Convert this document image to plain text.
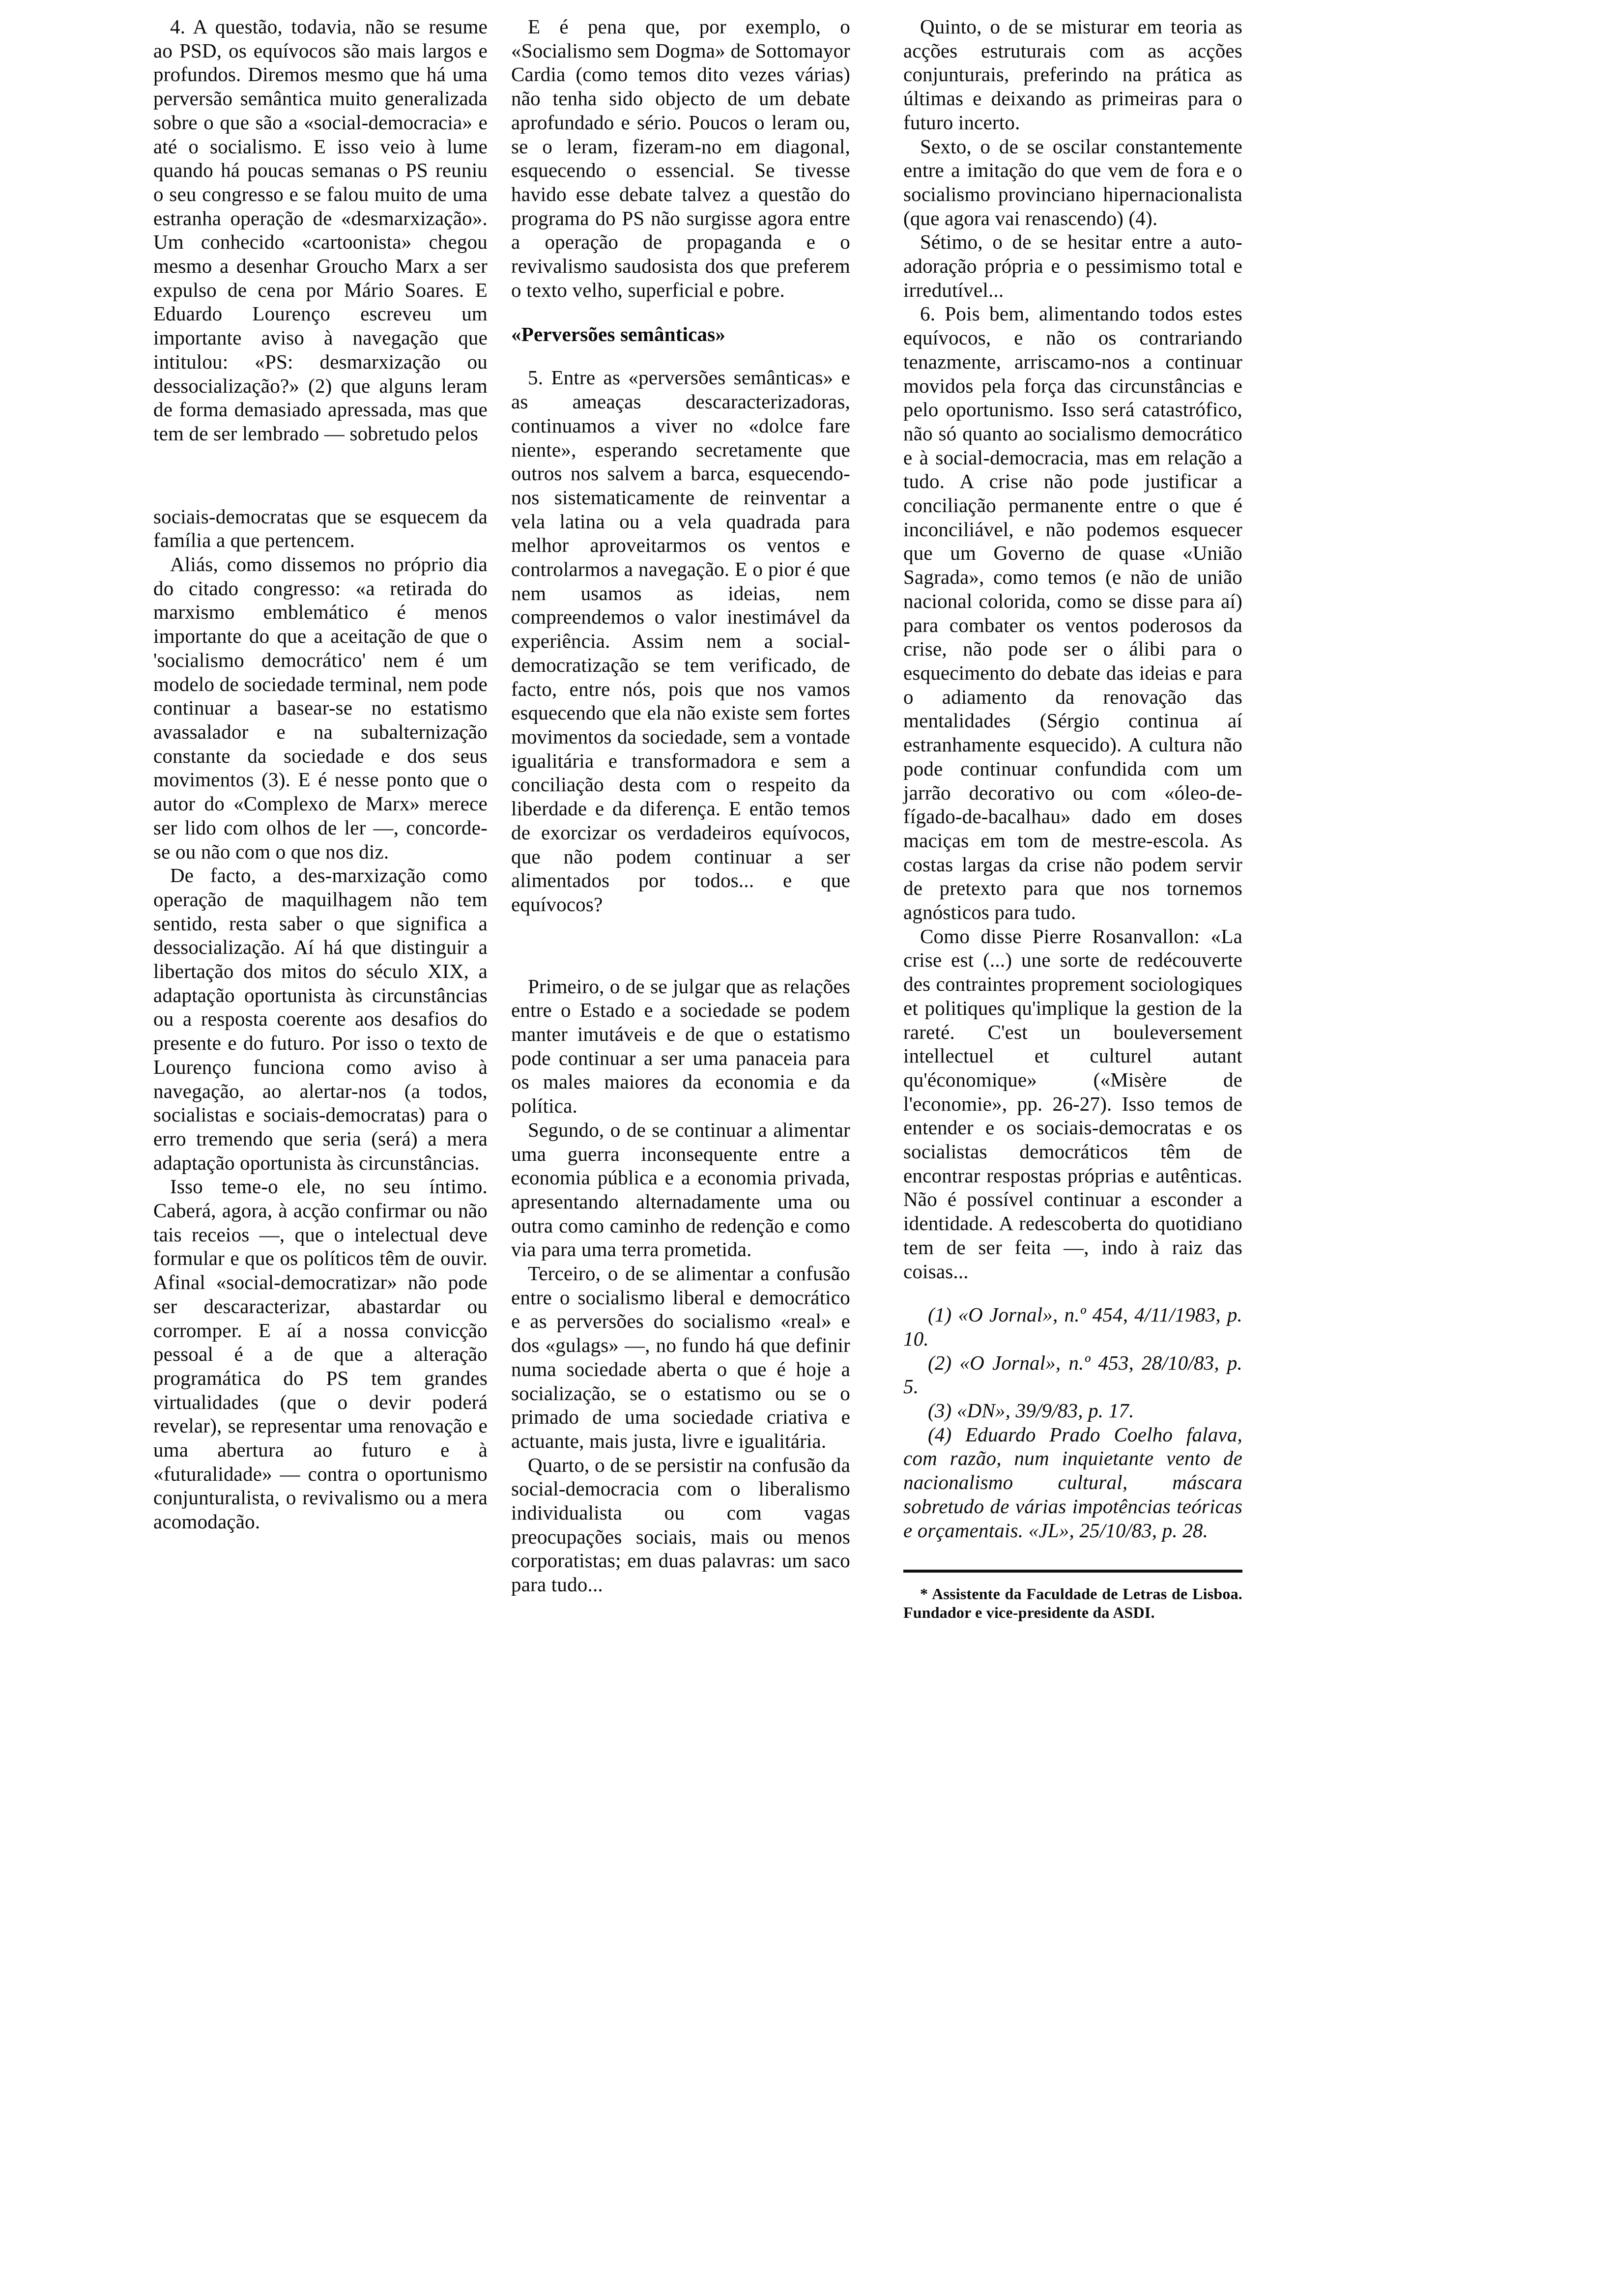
4. A questão, todavia, não se resume ao PSD, os equívocos são mais largos e profundos. Diremos mesmo que há uma perversão semântica muito generalizada sobre o que são a «social-democracia» e até o socialismo. E isso veio à lume quando há poucas semanas o PS reuniu o seu congresso e se falou muito de uma estranha operação de «desmarxização». Um conhecido «cartoonista» chegou mesmo a desenhar Groucho Marx a ser expulso de cena por Mário Soares. E Eduardo Lourenço escreveu um importante aviso à navegação que intitulou: «PS: desmarxização ou dessocialização?» (2) que alguns leram de forma demasiado apressada, mas que tem de ser lembrado — sobretudo pelos

sociais-democratas que se esquecem da família a que pertencem.

Aliás, como dissemos no próprio dia do citado congresso: «a retirada do marxismo emblemático é menos importante do que a aceitação de que o 'socialismo democrático' nem é um modelo de sociedade terminal, nem pode continuar a basear-se no estatismo avassalador e na subalternização constante da sociedade e dos seus movimentos (3). E é nesse ponto que o autor do «Complexo de Marx» merece ser lido com olhos de ler —, concorde-se ou não com o que nos diz.

De facto, a des-marxização como operação de maquilhagem não tem sentido, resta saber o que significa a dessocialização. Aí há que distinguir a libertação dos mitos do século XIX, a adaptação oportunista às circunstâncias ou a resposta coerente aos desafios do presente e do futuro. Por isso o texto de Lourenço funciona como aviso à navegação, ao alertar-nos (a todos, socialistas e sociais-democratas) para o erro tremendo que seria (será) a mera adaptação oportunista às circunstâncias.

Isso teme-o ele, no seu íntimo. Caberá, agora, à acção confirmar ou não tais receios —, que o intelectual deve formular e que os políticos têm de ouvir. Afinal «social-democratizar» não pode ser descaracterizar, abastardar ou corromper. E aí a nossa convicção pessoal é a de que a alteração programática do PS tem grandes virtualidades (que o devir poderá revelar), se representar uma renovação e uma abertura ao futuro e à «futuralidade» — contra o oportunismo conjunturalista, o revivalismo ou a mera acomodação.

E é pena que, por exemplo, o «Socialismo sem Dogma» de Sottomayor Cardia (como temos dito vezes várias) não tenha sido objecto de um debate aprofundado e sério. Poucos o leram ou, se o leram, fizeram-no em diagonal, esquecendo o essencial. Se tivesse havido esse debate talvez a questão do programa do PS não surgisse agora entre a operação de propaganda e o revivalismo saudosista dos que preferem o texto velho, superficial e pobre.

«Perversões semânticas»

5. Entre as «perversões semânticas» e as ameaças descaracterizadoras, continuamos a viver no «dolce fare niente», esperando secretamente que outros nos salvem a barca, esquecendo-nos sistematicamente de reinventar a vela latina ou a vela quadrada para melhor aproveitarmos os ventos e controlarmos a navegação. E o pior é que nem usamos as ideias, nem compreendemos o valor inestimável da experiência. Assim nem a social-democratização se tem verificado, de facto, entre nós, pois que nos vamos esquecendo que ela não existe sem fortes movimentos da sociedade, sem a vontade igualitária e transformadora e sem a conciliação desta com o respeito da liberdade e da diferença. E então temos de exorcizar os verdadeiros equívocos, que não podem continuar a ser alimentados por todos... e que equívocos?

Primeiro, o de se julgar que as relações entre o Estado e a sociedade se podem manter imutáveis e de que o estatismo pode continuar a ser uma panaceia para os males maiores da economia e da política.

Segundo, o de se continuar a alimentar uma guerra inconsequente entre a economia pública e a economia privada, apresentando alternadamente uma ou outra como caminho de redenção e como via para uma terra prometida.

Terceiro, o de se alimentar a confusão entre o socialismo liberal e democrático e as perversões do socialismo «real» e dos «gulags» —, no fundo há que definir numa sociedade aberta o que é hoje a socialização, se o estatismo ou se o primado de uma sociedade criativa e actuante, mais justa, livre e igualitária.

Quarto, o de se persistir na confusão da social-democracia com o liberalismo individualista ou com vagas preocupações sociais, mais ou menos corporatistas; em duas palavras: um saco para tudo...

Quinto, o de se misturar em teoria as acções estruturais com as acções conjunturais, preferindo na prática as últimas e deixando as primeiras para o futuro incerto.

Sexto, o de se oscilar constantemente entre a imitação do que vem de fora e o socialismo provinciano hipernacionalista (que agora vai renascendo) (4).

Sétimo, o de se hesitar entre a auto-adoração própria e o pessimismo total e irredutível...

6. Pois bem, alimentando todos estes equívocos, e não os contrariando tenazmente, arriscamo-nos a continuar movidos pela força das circunstâncias e pelo oportunismo. Isso será catastrófico, não só quanto ao socialismo democrático e à social-democracia, mas em relação a tudo. A crise não pode justificar a conciliação permanente entre o que é inconciliável, e não podemos esquecer que um Governo de quase «União Sagrada», como temos (e não de união nacional colorida, como se disse para aí) para combater os ventos poderosos da crise, não pode ser o álibi para o esquecimento do debate das ideias e para o adiamento da renovação das mentalidades (Sérgio continua aí estranhamente esquecido). A cultura não pode continuar confundida com um jarrão decorativo ou com «óleo-de-fígado-de-bacalhau» dado em doses maciças em tom de mestre-escola. As costas largas da crise não podem servir de pretexto para que nos tornemos agnósticos para tudo.

Como disse Pierre Rosanvallon: «La crise est (...) une sorte de redécouverte des contraintes proprement sociologiques et politiques qu'implique la gestion de la rareté. C'est un bouleversement intellectuel et culturel autant qu'économique» («Misère de l'economie», pp. 26-27). Isso temos de entender e os sociais-democratas e os socialistas democráticos têm de encontrar respostas próprias e autênticas. Não é possível continuar a esconder a identidade. A redescoberta do quotidiano tem de ser feita —, indo à raiz das coisas...

(1) «O Jornal», n.º 454, 4/11/1983, p. 10.

(2) «O Jornal», n.º 453, 28/10/83, p. 5.

(3) «DN», 39/9/83, p. 17.

(4) Eduardo Prado Coelho falava, com razão, num inquietante vento de nacionalismo cultural, máscara sobretudo de várias impotências teóricas e orçamentais. «JL», 25/10/83, p. 28.

* Assistente da Faculdade de Letras de Lisboa. Fundador e vice-presidente da ASDI.
